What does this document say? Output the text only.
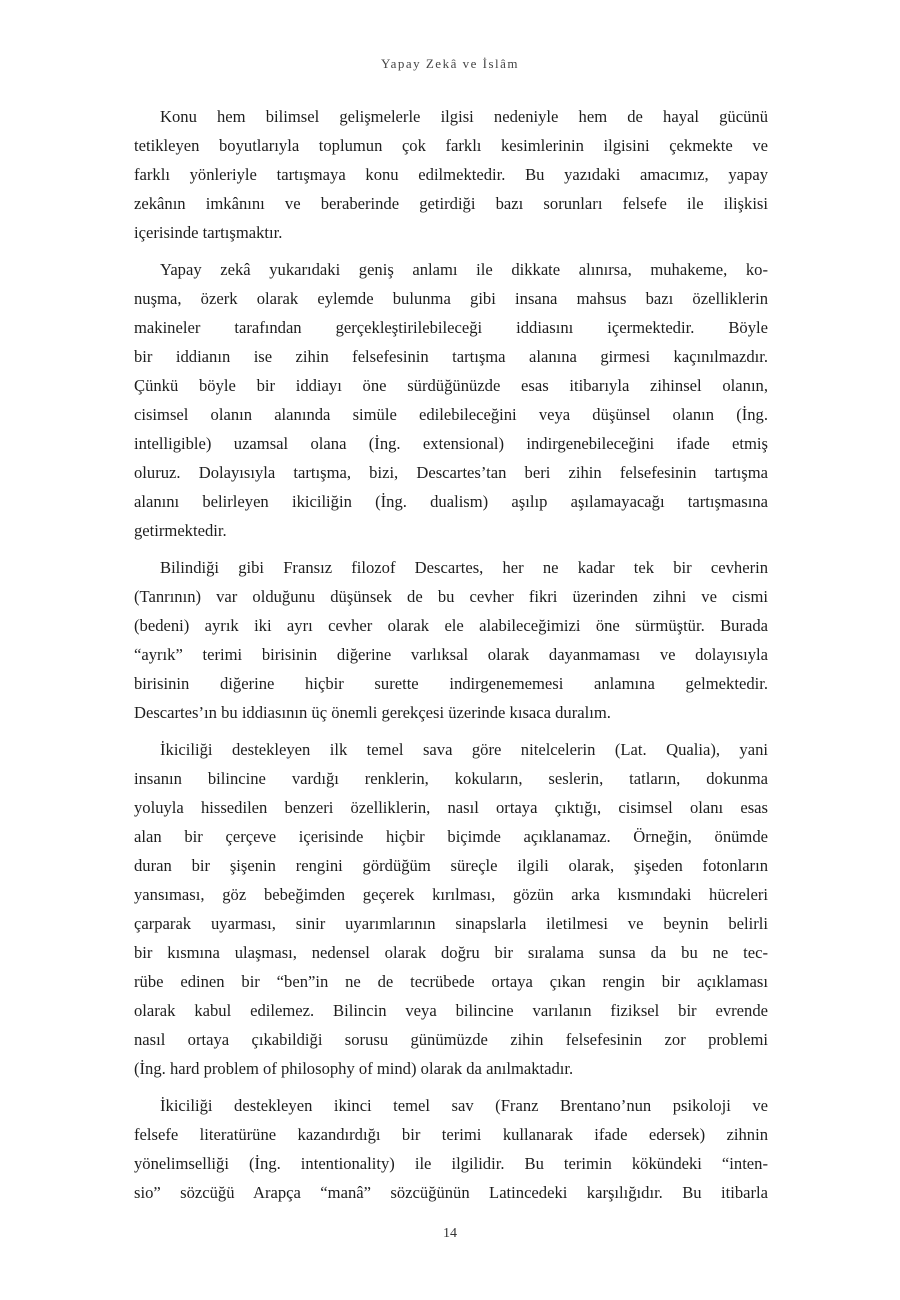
Yapay Zekâ ve İslâm
Konu hem bilimsel gelişmelerle ilgisi nedeniyle hem de hayal gücünü
tetikleyen boyutlarıyla toplumun çok farklı kesimlerinin ilgisini çekmekte ve
farklı yönleriyle tartışmaya konu edilmektedir. Bu yazıdaki amacımız, yapay
zekânın imkânını ve beraberinde getirdiği bazı sorunları felsefe ile ilişkisi
içerisinde tartışmaktır.
Yapay zekâ yukarıdaki geniş anlamı ile dikkate alınırsa, muhakeme, ko-
nuşma, özerk olarak eylemde bulunma gibi insana mahsus bazı özelliklerin
makineler tarafından gerçekleştirilebileceği iddiasını içermektedir. Böyle
bir iddianın ise zihin felsefesinin tartışma alanına girmesi kaçınılmazdır.
Çünkü böyle bir iddiayı öne sürdüğünüzde esas itibarıyla zihinsel olanın,
cisimsel olanın alanında simüle edilebileceğini veya düşünsel olanın (İng.
intelligible) uzamsal olana (İng. extensional) indirgenebileceğini ifade etmiş
oluruz. Dolayısıyla tartışma, bizi, Descartes’tan beri zihin felsefesinin tartışma
alanını belirleyen ikiciliğin (İng. dualism) aşılıp aşılamayacağı tartışmasına
getirmektedir.
Bilindiği gibi Fransız filozof Descartes, her ne kadar tek bir cevherin
(Tanrının) var olduğunu düşünsek de bu cevher fikri üzerinden zihni ve cismi
(bedeni) ayrık iki ayrı cevher olarak ele alabileceğimizi öne sürmüştür. Burada
“ayrık” terimi birisinin diğerine varlıksal olarak dayanmaması ve dolayısıyla
birisinin diğerine hiçbir surette indirgenememesi anlamına gelmektedir.
Descartes’ın bu iddiasının üç önemli gerekçesi üzerinde kısaca duralım.
İkiciliği destekleyen ilk temel sava göre nitelcelerin (Lat. Qualia), yani
insanın bilincine vardığı renklerin, kokuların, seslerin, tatların, dokunma
yoluyla hissedilen benzeri özelliklerin, nasıl ortaya çıktığı, cisimsel olanı esas
alan bir çerçeve içerisinde hiçbir biçimde açıklanamaz. Örneğin, önümde
duran bir şişenin rengini gördüğüm süreçle ilgili olarak, şişeden fotonların
yansıması, göz bebeğimden geçerek kırılması, gözün arka kısmındaki hücreleri
çarparak uyarması, sinir uyarımlarının sinapslarla iletilmesi ve beynin belirli
bir kısmına ulaşması, nedensel olarak doğru bir sıralama sunsa da bu ne tec-
rübe edinen bir “ben”in ne de tecrübede ortaya çıkan rengin bir açıklaması
olarak kabul edilemez. Bilincin veya bilincine varılanın fiziksel bir evrende
nasıl ortaya çıkabildiği sorusu günümüzde zihin felsefesinin zor problemi
(İng. hard problem of philosophy of mind) olarak da anılmaktadır.
İkiciliği destekleyen ikinci temel sav (Franz Brentano’nun psikoloji ve
felsefe literatürüne kazandırdığı bir terimi kullanarak ifade edersek) zihnin
yönelimselliği (İng. intentionality) ile ilgilidir. Bu terimin kökündeki “inten-
sio” sözcüğü Arapça “manâ” sözcüğünün Latincedeki karşılığıdır. Bu itibarla
14
